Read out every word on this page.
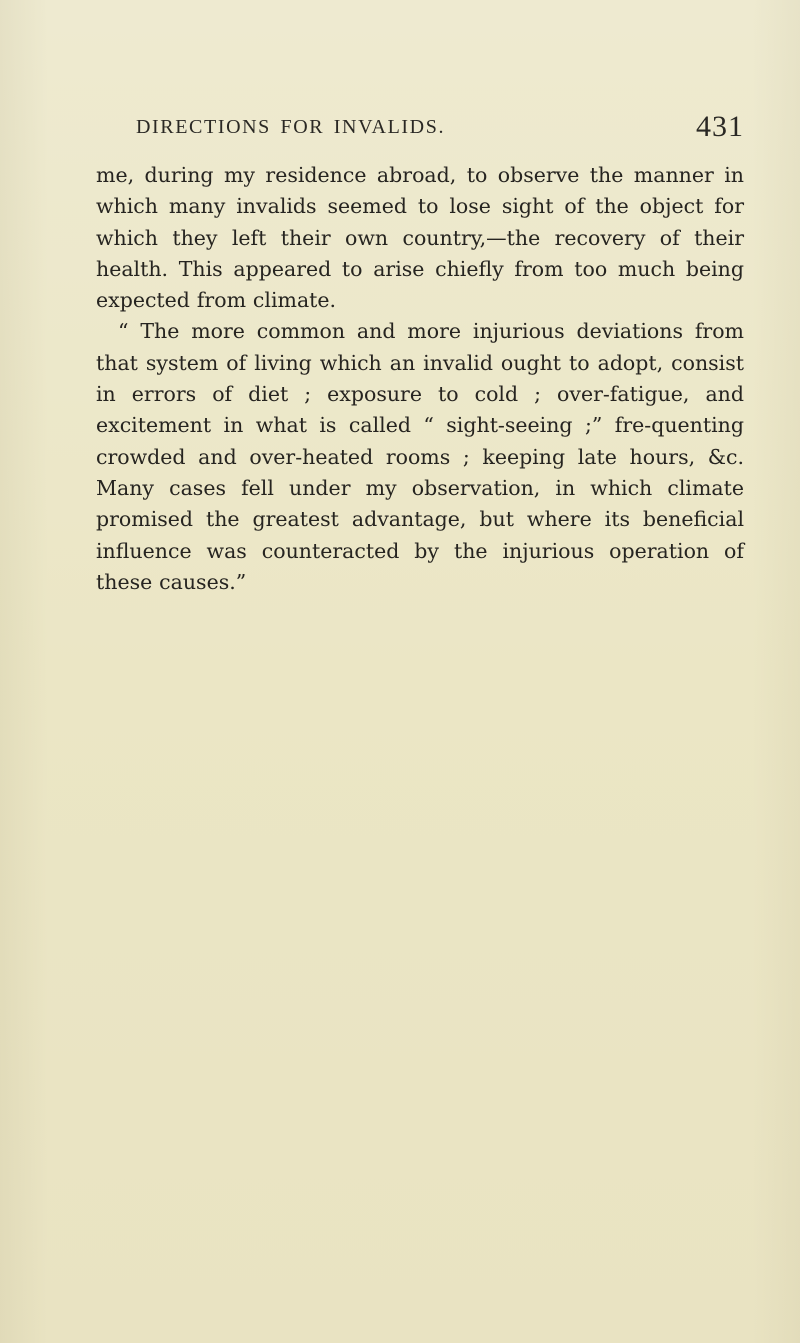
DIRECTIONS FOR INVALIDS.	431

me, during my residence abroad, to observe the manner in which many invalids seemed to lose sight of the object for which they left their own country,—the recovery of their health. This appeared to arise chiefly from too much being expected from climate.

“ The more common and more injurious deviations from that system of living which an invalid ought to adopt, consist in errors of diet ; exposure to cold ; over-fatigue, and excitement in what is called “ sight-seeing ;” fre-quenting crowded and over-heated rooms ; keeping late hours, &c. Many cases fell under my observation, in which climate promised the greatest advantage, but where its beneficial influence was counteracted by the injurious operation of these causes.”
